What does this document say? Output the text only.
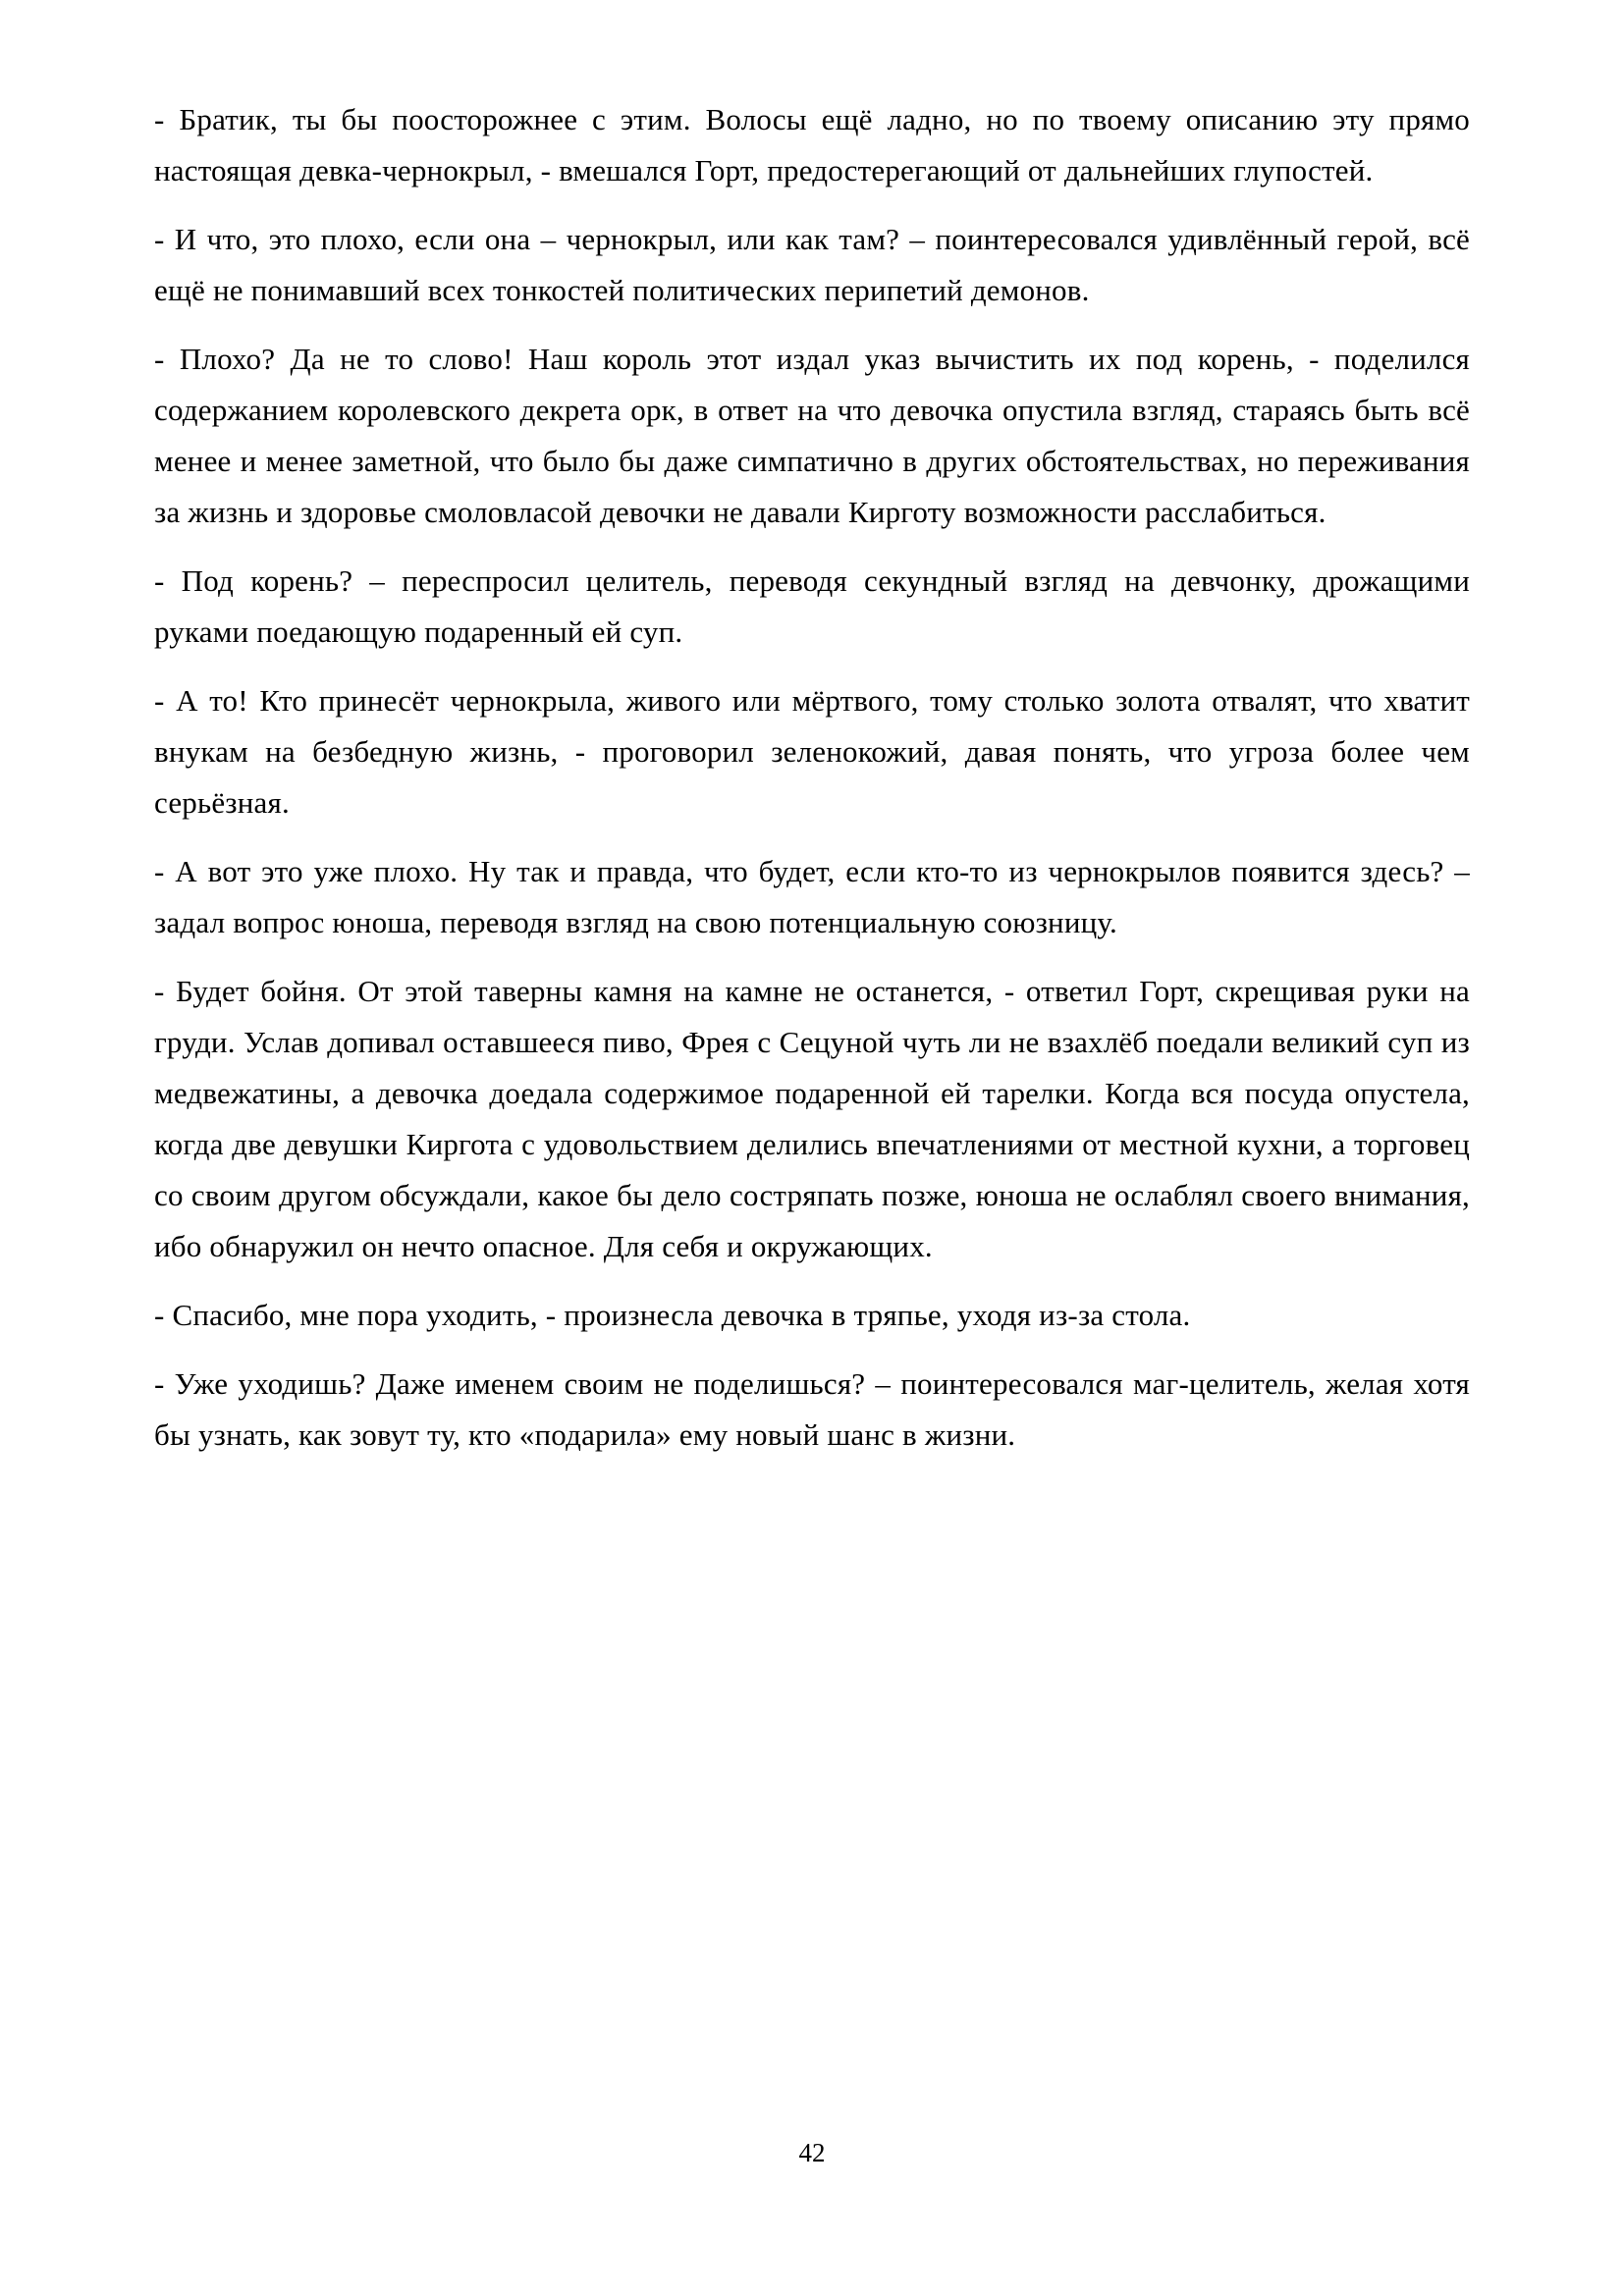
- Братик, ты бы поосторожнее с этим. Волосы ещё ладно, но по твоему описанию эту прямо настоящая девка-чернокрыл, - вмешался Горт, предостерегающий от дальнейших глупостей.

- И что, это плохо, если она – чернокрыл, или как там? – поинтересовался удивлённый герой, всё ещё не понимавший всех тонкостей политических перипетий демонов.

- Плохо? Да не то слово! Наш король этот издал указ вычистить их под корень, - поделился содержанием королевского декрета орк, в ответ на что девочка опустила взгляд, стараясь быть всё менее и менее заметной, что было бы даже симпатично в других обстоятельствах, но переживания за жизнь и здоровье смоловласой девочки не давали Кирготу возможности расслабиться.

- Под корень? – переспросил целитель, переводя секундный взгляд на девчонку, дрожащими руками поедающую подаренный ей суп.

- А то! Кто принесёт чернокрыла, живого или мёртвого, тому столько золота отвалят, что хватит внукам на безбедную жизнь, - проговорил зеленокожий, давая понять, что угроза более чем серьёзная.

- А вот это уже плохо. Ну так и правда, что будет, если кто-то из чернокрылов появится здесь? – задал вопрос юноша, переводя взгляд на свою потенциальную союзницу.

- Будет бойня. От этой таверны камня на камне не останется, - ответил Горт, скрещивая руки на груди. Услав допивал оставшееся пиво, Фрея с Сецуной чуть ли не взахлёб поедали великий суп из медвежатины, а девочка доедала содержимое подаренной ей тарелки. Когда вся посуда опустела, когда две девушки Киргота с удовольствием делились впечатлениями от местной кухни, а торговец со своим другом обсуждали, какое бы дело состряпать позже, юноша не ослаблял своего внимания, ибо обнаружил он нечто опасное. Для себя и окружающих.

- Спасибо, мне пора уходить, - произнесла девочка в тряпье, уходя из-за стола.

- Уже уходишь? Даже именем своим не поделишься? – поинтересовался маг-целитель, желая хотя бы узнать, как зовут ту, кто «подарила» ему новый шанс в жизни.

42
